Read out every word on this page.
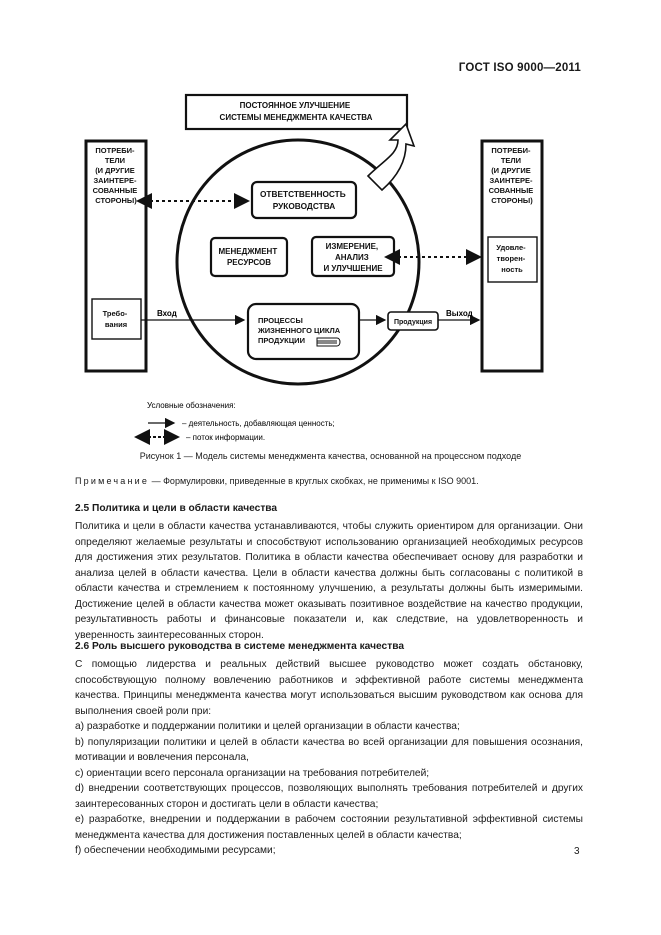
ГОСТ ISO 9000—2011
ПОСТОЯННОЕ УЛУЧШЕНИЕ СИСТЕМЫ МЕНЕДЖМЕНТА КАЧЕСТВА
ПОТРЕБИ- ТЕЛИ (И ДРУГИЕ ЗАИНТЕРЕ- СОВАННЫЕ СТОРОНЫ)
Требо- вания
ПОТРЕБИ- ТЕЛИ (И ДРУГИЕ ЗАИНТЕРЕ- СОВАННЫЕ СТОРОНЫ)
Удовле- творен- ность
ОТВЕТСТВЕННОСТЬ РУКОВОДСТВА
МЕНЕДЖМЕНТ РЕСУРСОВ
ИЗМЕРЕНИЕ, АНАЛИЗ И УЛУЧШЕНИЕ
ПРОЦЕССЫ ЖИЗНЕННОГО ЦИКЛА ПРОДУКЦИИ
Продукция
Вход	Выход
Условные обозначения:
– деятельность, добавляющая ценность;
– поток информации.
Рисунок 1 — Модель системы менеджмента качества, основанной на процессном подходе
Примечание — Формулировки, приведенные в круглых скобках, не применимы к ISO 9001.
2.5 Политика и цели в области качества

Политика и цели в области качества устанавливаются, чтобы служить ориентиром для организации. Они определяют желаемые результаты и способствуют использованию организацией необходимых ресурсов для достижения этих результатов. Политика в области качества обеспечивает основу для разработки и анализа целей в области качества. Цели в области качества должны быть согласованы с политикой в области качества и стремлением к постоянному улучшению, а результаты должны быть измеримыми. Достижение целей в области качества может оказывать позитивное воздействие на качество продукции, результативность работы и финансовые показатели и, как следствие, на удовлетворенность и уверенность заинтересованных сторон.

2.6 Роль высшего руководства в системе менеджмента качества

С помощью лидерства и реальных действий высшее руководство может создать обстановку, способствующую полному вовлечению работников и эффективной работе системы менеджмента качества. Принципы менеджмента качества могут использоваться высшим руководством как основа для выполнения своей роли при:

a) разработке и поддержании политики и целей организации в области качества;

b) популяризации политики и целей в области качества во всей организации для повышения осознания, мотивации и вовлечения персонала,

c) ориентации всего персонала организации на требования потребителей;

d) внедрении соответствующих процессов, позволяющих выполнять требования потребителей и других заинтересованных сторон и достигать цели в области качества;

e) разработке, внедрении и поддержании в рабочем состоянии результативной эффективной системы менеджмента качества для достижения поставленных целей в области качества;

f) обеспечении необходимыми ресурсами;	3
